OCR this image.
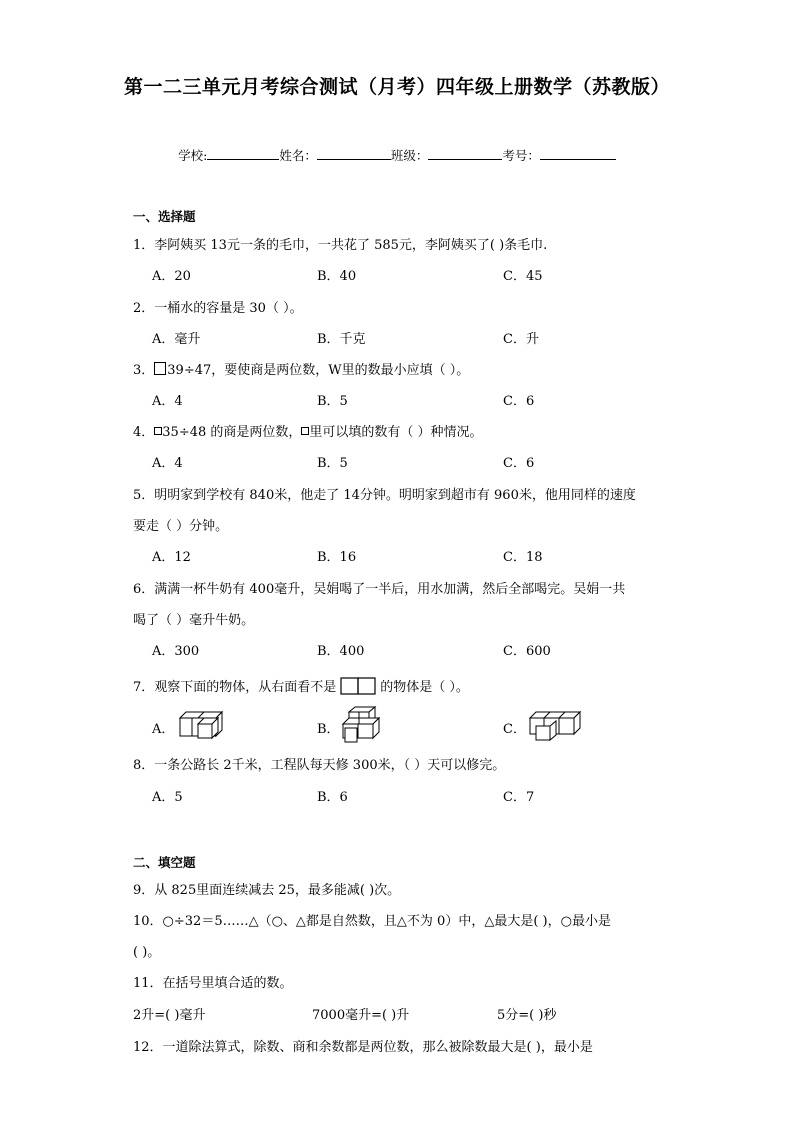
第一二三单元月考综合测试（月考）四年级上册数学（苏教版）
学校:	姓名：	班级：	考号：
一、选择题
1．李阿姨买 13元一条的毛巾，一共花了 585元，李阿姨买了( )条毛巾.
A．20	B．40	C．45
2．一桶水的容量是 30（ ）。
A．毫升	B．千克	C．升
3． 39÷47，要使商是两位数，W里的数最小应填（ ）。
A．4	B．5	C．6
4． 35÷48 的商是两位数， 里可以填的数有（ ）种情况。
A．4	B．5	C．6
5．明明家到学校有 840米，他走了 14分钟。明明家到超市有 960米，他用同样的速度
要走（ ）分钟。
A．12	B．16	C．18
6．满满一杯牛奶有 400毫升，吴娟喝了一半后，用水加满，然后全部喝完。吴娟一共
喝了（ ）毫升牛奶。
A．300	B．400	C．600
7．观察下面的物体，从右面看不是	的物体是（ ）。
A．	B．	C．
8．一条公路长 2千米，工程队每天修 300米，（ ）天可以修完。
A．5	B．6	C．7
二、填空题
9．从 825里面连续减去 25，最多能减( )次。
10．○÷32＝5……△（○、△都是自然数，且△不为 0）中，△最大是( )，○最小是
( )。
11．在括号里填合适的数。
2升=( )毫升	7000毫升=( )升	5分=( )秒
12．一道除法算式，除数、商和余数都是两位数，那么被除数最大是( )，最小是
